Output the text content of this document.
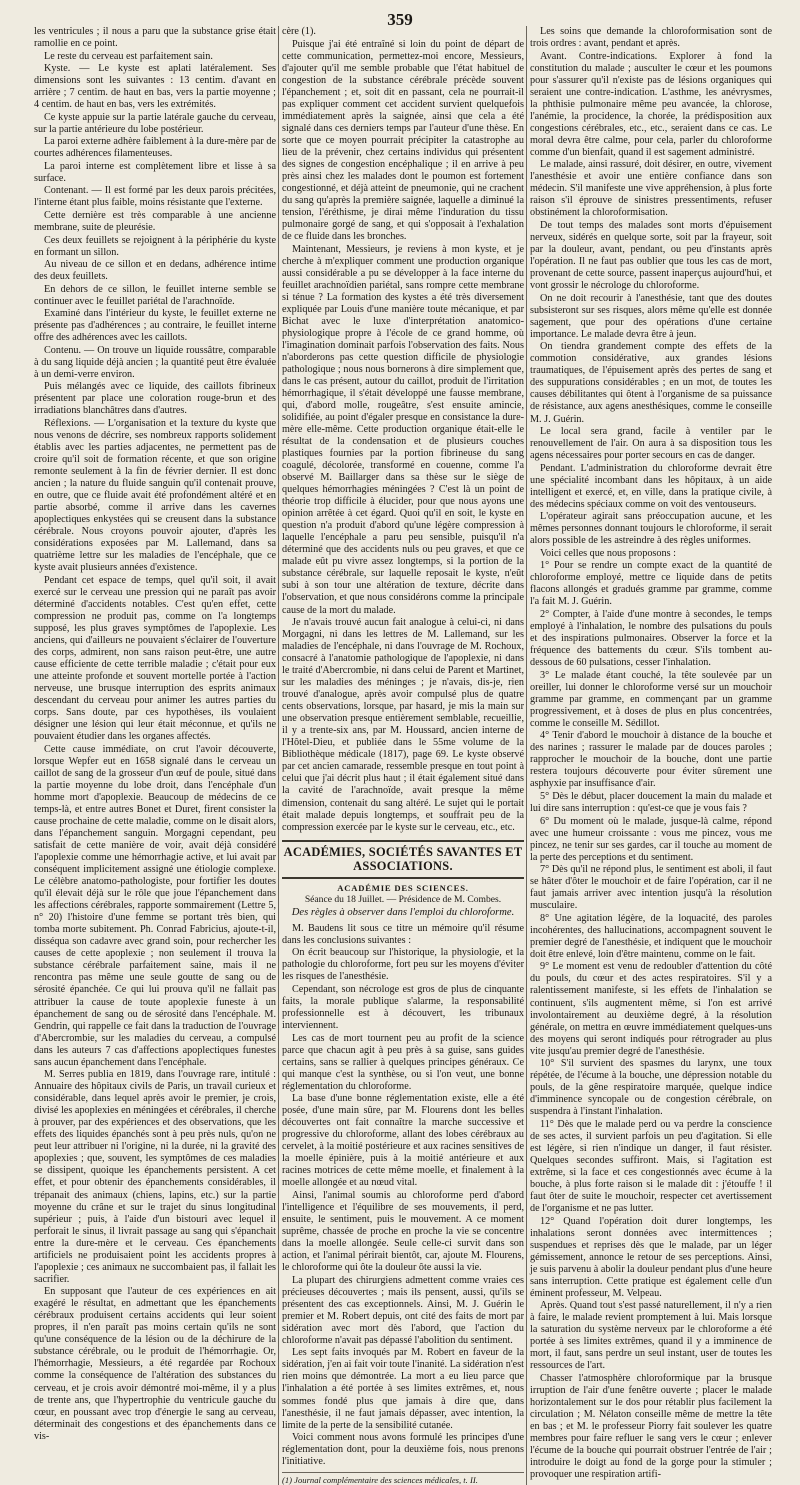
359

les ventricules ; il nous a paru que la substance grise était ramollie en ce point.

Le reste du cerveau est parfaitement sain.

Kyste. — Le kyste est aplati latéralement. Ses dimensions sont les suivantes : 13 centim. d'avant en arrière ; 7 centim. de haut en bas, vers la partie moyenne ; 4 centim. de haut en bas, vers les extrémités.

Ce kyste appuie sur la partie latérale gauche du cerveau, sur la partie antérieure du lobe postérieur.

La paroi externe adhère faiblement à la dure-mère par de courtes adhérences filamenteuses.

La paroi interne est complètement libre et lisse à sa surface.

Contenant. — Il est formé par les deux parois précitées, l'interne étant plus faible, moins résistante que l'externe.

Cette dernière est très comparable à une ancienne membrane, suite de pleurésie.

Ces deux feuillets se rejoignent à la périphérie du kyste en formant un sillon.

Au niveau de ce sillon et en dedans, adhérence intime des deux feuillets.

En dehors de ce sillon, le feuillet interne semble se continuer avec le feuillet pariétal de l'arachnoïde.

Examiné dans l'intérieur du kyste, le feuillet externe ne présente pas d'adhérences ; au contraire, le feuillet interne offre des adhérences avec les caillots.

Contenu. — On trouve un liquide roussâtre, comparable à du sang liquide déjà ancien ; la quantité peut être évaluée à un demi-verre environ.

Puis mélangés avec ce liquide, des caillots fibrineux présentent par place une coloration rouge-brun et des irradiations blanchâtres dans d'autres.

Réflexions. — L'organisation et la texture du kyste que nous venons de décrire, ses nombreux rapports solidement établis avec les parties adjacentes, ne permettent pas de croire qu'il soit de formation récente, et que son origine remonte seulement à la fin de février dernier. Il est donc ancien ; la nature du fluide sanguin qu'il contenait prouve, en outre, que ce fluide avait été profondément altéré et en partie absorbé, comme il arrive dans les cavernes apoplectiques enkystées qui se creusent dans la substance cérébrale. Nous croyons pouvoir ajouter, d'après les considérations exposées par M. Lallemand, dans sa quatrième lettre sur les maladies de l'encéphale, que ce kyste avait plusieurs années d'existence.

Pendant cet espace de temps, quel qu'il soit, il avait exercé sur le cerveau une pression qui ne paraît pas avoir déterminé d'accidents notables. C'est qu'en effet, cette compression ne produit pas, comme on l'a longtemps supposé, les plus graves symptômes de l'apoplexie. Les anciens, qui d'ailleurs ne pouvaient s'éclairer de l'ouverture des corps, admirent, non sans raison peut-être, une autre cause efficiente de cette terrible maladie ; c'était pour eux une atteinte profonde et souvent mortelle portée à l'action nerveuse, une brusque interruption des esprits animaux descendant du cerveau pour animer les autres parties du corps. Sans doute, par ces hypothèses, ils voulaient désigner une lésion qui leur était méconnue, et qu'ils ne pouvaient étudier dans les organes affectés.

Cette cause immédiate, on crut l'avoir découverte, lorsque Wepfer eut en 1658 signalé dans le cerveau un caillot de sang de la grosseur d'un œuf de poule, situé dans la partie moyenne du lobe droit, dans l'encéphale d'un homme mort d'apoplexie. Beaucoup de médecins de ce temps-là, et entre autres Bonet et Duret, firent consister la cause prochaine de cette maladie, comme on le disait alors, dans l'épanchement sanguin. Morgagni cependant, peu satisfait de cette manière de voir, avait déjà considéré l'apoplexie comme une hémorrhagie active, et lui avait par conséquent implicitement assigné une étiologie complexe. Le célèbre anatomo-pathologiste, pour fortifier les doutes qu'il élevait déjà sur le rôle que joue l'épanchement dans les affections cérébrales, rapporte sommairement (Lettre 5, n° 20) l'histoire d'une femme se portant très bien, qui tomba morte subitement. Ph. Conrad Fabricius, ajoute-t-il, disséqua son cadavre avec grand soin, pour rechercher les causes de cette apoplexie ; non seulement il trouva la substance cérébrale parfaitement saine, mais il ne rencontra pas même une seule goutte de sang ou de sérosité épanchée. Ce qui lui prouva qu'il ne fallait pas attribuer la cause de toute apoplexie funeste à un épanchement de sang ou de sérosité dans l'encéphale. M. Gendrin, qui rappelle ce fait dans la traduction de l'ouvrage d'Abercrombie, sur les maladies du cerveau, a compulsé dans les auteurs 7 cas d'affections apoplectiques funestes sans aucun épanchement dans l'encéphale.

M. Serres publia en 1819, dans l'ouvrage rare, intitulé : Annuaire des hôpitaux civils de Paris, un travail curieux et considérable, dans lequel après avoir le premier, je crois, divisé les apoplexies en méningées et cérébrales, il cherche à prouver, par des expériences et des observations, que les effets des liquides épanchés sont à peu près nuls, qu'on ne peut leur attribuer ni l'origine, ni la durée, ni la gravité des apoplexies ; que, souvent, les symptômes de ces maladies se dissipent, quoique les épanchements persistent. A cet effet, et pour obtenir des épanchements considérables, il trépanait des animaux (chiens, lapins, etc.) sur la partie moyenne du crâne et sur le trajet du sinus longitudinal supérieur ; puis, à l'aide d'un bistouri avec lequel il perforait le sinus, il livrait passage au sang qui s'épanchait entre la dure-mère et le cerveau. Ces épanchements artificiels ne produisaient point les accidents propres à l'apoplexie ; ces animaux ne succombaient pas, il fallait les sacrifier.

En supposant que l'auteur de ces expériences en ait exagéré le résultat, en admettant que les épanchements cérébraux produisent certains accidents qui leur soient propres, il n'en paraît pas moins certain qu'ils ne sont qu'une conséquence de la lésion ou de la déchirure de la substance cérébrale, ou le produit de l'hémorrhagie. Or, l'hémorrhagie, Messieurs, a été regardée par Rochoux comme la conséquence de l'altération des substances du cerveau, et je crois avoir démontré moi-même, il y a plus de trente ans, que l'hypertrophie du ventricule gauche du cœur, en poussant avec trop d'énergie le sang au cerveau, déterminait des congestions et des épanchements dans ce vis-

cère (1).

Puisque j'ai été entraîné si loin du point de départ de cette communication, permettez-moi encore, Messieurs, d'ajouter qu'il me semble probable que l'état habituel de congestion de la substance cérébrale précède souvent l'épanchement ; et, soit dit en passant, cela ne pourrait-il pas expliquer comment cet accident survient quelquefois immédiatement après la saignée, ainsi que cela a été signalé dans ces derniers temps par l'auteur d'une thèse. En sorte que ce moyen pourrait précipiter la catastrophe au lieu de la prévenir, chez certains individus qui présentent des signes de congestion encéphalique ; il en arrive à peu près ainsi chez les malades dont le poumon est fortement congestionné, et déjà atteint de pneumonie, qui ne crachent du sang qu'après la première saignée, laquelle a diminué la tension, l'éréthisme, je dirai même l'induration du tissu pulmonaire gorgé de sang, et qui s'opposait à l'exhalation de ce fluide dans les bronches.

Maintenant, Messieurs, je reviens à mon kyste, et je cherche à m'expliquer comment une production organique aussi considérable a pu se développer à la face interne du feuillet arachnoïdien pariétal, sans rompre cette membrane si ténue ? La formation des kystes a été très diversement expliquée par Louis d'une manière toute mécanique, et par Bichat avec le luxe d'interprétation anatomico-physiologique propre à l'école de ce grand homme, où l'imagination dominait parfois l'observation des faits. Nous n'aborderons pas cette question difficile de physiologie pathologique ; nous nous bornerons à dire simplement que, dans le cas présent, autour du caillot, produit de l'irritation hémorrhagique, il s'était développé une fausse membrane, qui, d'abord molle, rougeâtre, s'est ensuite amincie, solidifiée, au point d'égaler presque en consistance la dure-mère elle-même. Cette production organique était-elle le résultat de la condensation et de plusieurs couches plastiques fournies par la portion fibrineuse du sang coagulé, décolorée, transformé en couenne, comme l'a observé M. Baillarger dans sa thèse sur le siège de quelques hémorrhagies méningées ? C'est là un point de théorie trop difficile à élucider, pour que nous ayons une opinion arrêtée à cet égard. Quoi qu'il en soit, le kyste en question n'a produit d'abord qu'une légère compression à laquelle l'encéphale a paru peu sensible, puisqu'il n'a déterminé que des accidents nuls ou peu graves, et que ce malade eût pu vivre assez longtemps, si la portion de la substance cérébrale, sur laquelle reposait le kyste, n'eût subi à son tour une altération de texture, décrite dans l'observation, et que nous considérons comme la principale cause de la mort du malade.

Je n'avais trouvé aucun fait analogue à celui-ci, ni dans Morgagni, ni dans les lettres de M. Lallemand, sur les maladies de l'encéphale, ni dans l'ouvrage de M. Rochoux, consacré à l'anatomie pathologique de l'apoplexie, ni dans le traité d'Abercrombie, ni dans celui de Parent et Martinet, sur les maladies des méninges ; je n'avais, dis-je, rien trouvé d'analogue, après avoir compulsé plus de quatre cents observations, lorsque, par hasard, je mis la main sur une observation presque entièrement semblable, recueillie, il y a trente-six ans, par M. Houssard, ancien interne de l'Hôtel-Dieu, et publiée dans le 55me volume de la Bibliothèque médicale (1817), page 69. Le kyste observé par cet ancien camarade, ressemble presque en tout point à celui que j'ai décrit plus haut ; il était également situé dans la cavité de l'arachnoïde, avait presque la même dimension, contenait du sang altéré. Le sujet qui le portait était malade depuis longtemps, et souffrait peu de la compression exercée par le kyste sur le cerveau, etc., etc.

ACADÉMIES, SOCIÉTÉS SAVANTES ET ASSOCIATIONS.
ACADÉMIE DES SCIENCES.
Séance du 18 Juillet. — Présidence de M. Combes.
Des règles à observer dans l'emploi du chloroforme.

M. Baudens lit sous ce titre un mémoire qu'il résume dans les conclusions suivantes :

On écrit beaucoup sur l'historique, la physiologie, et la pathologie du chloroforme, fort peu sur les moyens d'éviter les risques de l'anesthésie.

Cependant, son nécrologe est gros de plus de cinquante faits, la morale publique s'alarme, la responsabilité professionnelle est à découvert, les tribunaux interviennent.

Les cas de mort tournent peu au profit de la science parce que chacun agit à peu près à sa guise, sans guides certains, sans se rallier à quelques principes généraux. Ce qui manque c'est la synthèse, ou si l'on veut, une bonne réglementation du chloroforme.

La base d'une bonne réglementation existe, elle a été posée, d'une main sûre, par M. Flourens dont les belles découvertes ont fait connaître la marche successive et progressive du chloroforme, allant des lobes cérébraux au cervelet, à la moitié postérieure et aux racines sensitives de la moelle épinière, puis à la moitié antérieure et aux racines motrices de cette même moelle, et finalement à la moelle allongée et au nœud vital.

Ainsi, l'animal soumis au chloroforme perd d'abord l'intelligence et l'équilibre de ses mouvements, il perd, ensuite, le sentiment, puis le mouvement. A ce moment suprême, chassée de proche en proche la vie se concentre dans la moelle allongée. Seule celle-ci survit dans son action, et l'animal périrait bientôt, car, ajoute M. Flourens, le chloroforme qui ôte la douleur ôte aussi la vie.

La plupart des chirurgiens admettent comme vraies ces précieuses découvertes ; mais ils pensent, aussi, qu'ils se présentent des cas exceptionnels. Ainsi, M. J. Guérin le premier et M. Robert depuis, ont cité des faits de mort par sidération avec mort dès l'abord, que l'action du chloroforme n'avait pas dépassé l'abolition du sentiment.

Les sept faits invoqués par M. Robert en faveur de la sidération, j'en ai fait voir toute l'inanité. La sidération n'est rien moins que démontrée. La mort a eu lieu parce que l'inhalation a été portée à ses limites extrêmes, et, nous sommes fondé plus que jamais à dire que, dans l'anesthésie, il ne faut jamais dépasser, avec intention, la limite de la perte de la sensibilité cutanée.

Voici comment nous avons formulé les principes d'une réglementation dont, pour la deuxième fois, nous prenons l'initiative.

(1) Journal complémentaire des sciences médicales, t. II.

Les soins que demande la chloroformisation sont de trois ordres : avant, pendant et après.

Avant. Contre-indications. Explorer à fond la constitution du malade ; ausculter le cœur et les poumons pour s'assurer qu'il n'existe pas de lésions organiques qui seraient une contre-indication. L'asthme, les anévrysmes, la phthisie pulmonaire même peu avancée, la chlorose, l'anémie, la procidence, la chorée, la prédisposition aux congestions cérébrales, etc., etc., seraient dans ce cas. Le moral devra être calme, pour cela, parler du chloroforme comme d'un bienfait, quand il est sagement administré.

Le malade, ainsi rassuré, doit désirer, en outre, vivement l'anesthésie et avoir une entière confiance dans son médecin. S'il manifeste une vive appréhension, à plus forte raison s'il éprouve de sinistres pressentiments, refuser obstinément la chloroformisation.

De tout temps des malades sont morts d'épuisement nerveux, sidérés en quelque sorte, soit par la frayeur, soit par la douleur, avant, pendant, ou peu d'instants après l'opération. Il ne faut pas oublier que tous les cas de mort, provenant de cette source, passent inaperçus aujourd'hui, et vont grossir le nécrologe du chloroforme.

On ne doit recourir à l'anesthésie, tant que des doutes subsisteront sur ses risques, alors même qu'elle est donnée sagement, que pour des opérations d'une certaine importance. Le malade devra être à jeun.

On tiendra grandement compte des effets de la commotion considérative, aux grandes lésions traumatiques, de l'épuisement après des pertes de sang et des suppurations considérables ; en un mot, de toutes les causes débilitantes qui ôtent à l'organisme de sa puissance de résistance, aux agens anesthésiques, comme le conseille M. J. Guérin.

Le local sera grand, facile à ventiler par le renouvellement de l'air. On aura à sa disposition tous les agens nécessaires pour porter secours en cas de danger.

Pendant. L'administration du chloroforme devrait être une spécialité incombant dans les hôpitaux, à un aide intelligent et exercé, et, en ville, dans la pratique civile, à des médecins spéciaux comme on voit des ventouseurs.

L'opérateur agirait sans préoccupation aucune, et les mêmes personnes donnant toujours le chloroforme, il serait alors possible de les astreindre à des règles uniformes.

Voici celles que nous proposons :

1° Pour se rendre un compte exact de la quantité de chloroforme employé, mettre ce liquide dans de petits flacons allongés et gradués gramme par gramme, comme l'a fait M. J. Guérin.

2° Compter, à l'aide d'une montre à secondes, le temps employé à l'inhalation, le nombre des pulsations du pouls et des inspirations pulmonaires. Observer la force et la fréquence des battements du cœur. S'ils tombent au-dessous de 60 pulsations, cesser l'inhalation.

3° Le malade étant couché, la tête soulevée par un oreiller, lui donner le chloroforme versé sur un mouchoir gramme par gramme, en commençant par un gramme progressivement, et à doses de plus en plus concentrées, comme le conseille M. Sédillot.

4° Tenir d'abord le mouchoir à distance de la bouche et des narines ; rassurer le malade par de douces paroles ; rapprocher le mouchoir de la bouche, dont une partie restera toujours découverte pour éviter sûrement une asphyxie par insuffisance d'air.

5° Dès le début, placer doucement la main du malade et lui dire sans interruption : qu'est-ce que je vous fais ?

6° Du moment où le malade, jusque-là calme, répond avec une humeur croissante : vous me pincez, vous me pincez, ne tenir sur ses gardes, car il touche au moment de la perte des perceptions et du sentiment.

7° Dès qu'il ne répond plus, le sentiment est aboli, il faut se hâter d'ôter le mouchoir et de faire l'opération, car il ne faut jamais arriver avec intention jusqu'à la résolution musculaire.

8° Une agitation légère, de la loquacité, des paroles incohérentes, des hallucinations, accompagnent souvent le premier degré de l'anesthésie, et indiquent que le mouchoir doit être enlevé, loin d'être maintenu, comme on le fait.

9° Le moment est venu de redoubler d'attention du côté du pouls, du cœur et des actes respiratoires. S'il y a ralentissement manifeste, si les effets de l'inhalation se continuent, s'ils augmentent même, si l'on est arrivé involontairement au deuxième degré, à la résolution générale, on mettra en œuvre immédiatement quelques-uns des moyens qui seront indiqués pour rétrograder au plus vite jusqu'au premier degré de l'anesthésie.

10° S'il survient des spasmes du larynx, une toux répétée, de l'écume à la bouche, une dépression notable du pouls, de la gêne respiratoire marquée, quelque indice d'imminence syncopale ou de congestion cérébrale, on suspendra à l'instant l'inhalation.

11° Dès que le malade perd ou va perdre la conscience de ses actes, il survient parfois un peu d'agitation. Si elle est légère, si rien n'indique un danger, il faut résister. Quelques secondes suffiront. Mais, si l'agitation est extrême, si la face et ces congestionnés avec écume à la bouche, à plus forte raison si le malade dit : j'étouffe ! il faut ôter de suite le mouchoir, respecter cet avertissement de l'organisme et ne pas lutter.

12° Quand l'opération doit durer longtemps, les inhalations seront données avec intermittences ; suspendues et reprises dès que le malade, par un léger gémissement, annonce le retour de ses perceptions. Ainsi, je suis parvenu à abolir la douleur pendant plus d'une heure sans interruption. Cette pratique est également celle d'un éminent professeur, M. Velpeau.

Après. Quand tout s'est passé naturellement, il n'y a rien à faire, le malade revient promptement à lui. Mais lorsque la saturation du système nerveux par le chloroforme a été portée à ses limites extrêmes, quand il y a imminence de mort, il faut, sans perdre un seul instant, user de toutes les ressources de l'art.

Chasser l'atmosphère chloroformique par la brusque irruption de l'air d'une fenêtre ouverte ; placer le malade horizontalement sur le dos pour rétablir plus facilement la circulation ; M. Nélaton conseille même de mettre la tête en bas ; et M. le professeur Piorry fait soulever les quatre membres pour faire refluer le sang vers le cœur ; enlever l'écume de la bouche qui pourrait obstruer l'entrée de l'air ; introduire le doigt au fond de la gorge pour la stimuler ; provoquer une respiration artifi-
